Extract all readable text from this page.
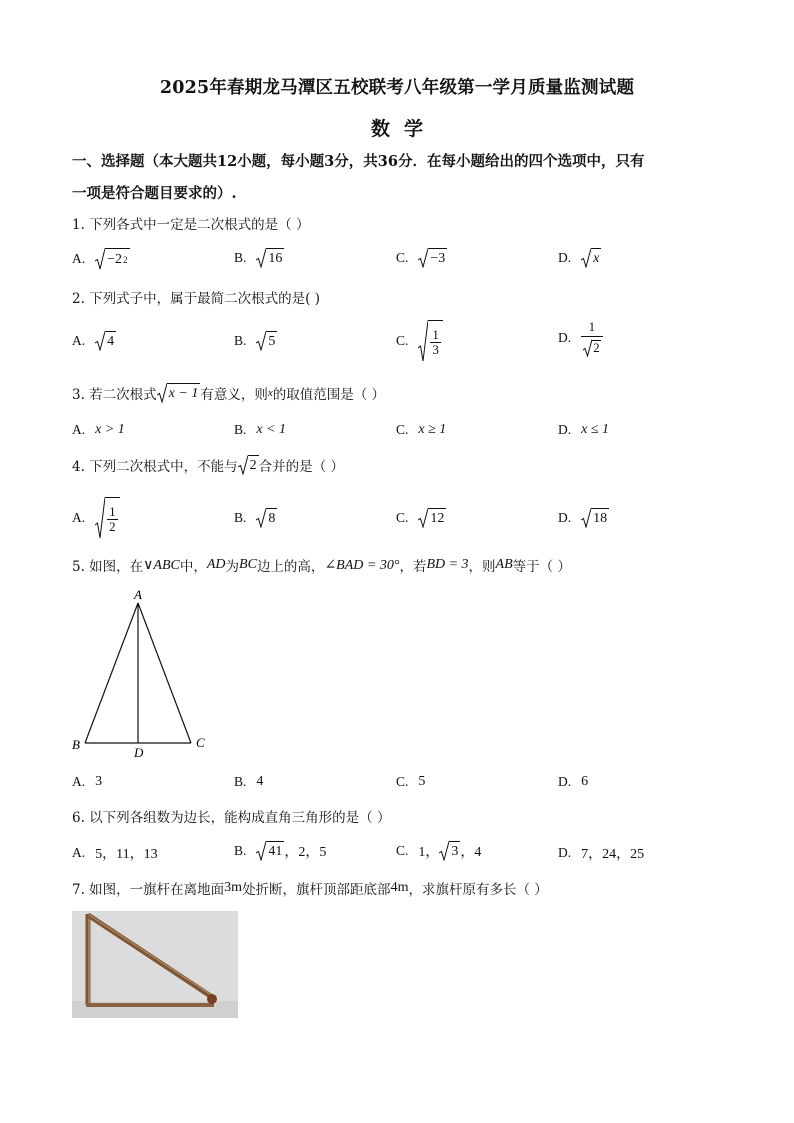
2025年春期龙马潭区五校联考八年级第一学月质量监测试题
数学
一、选择题（本大题共12小题，每小题3分，共36分．在每小题给出的四个选项中，只有
一项是符合题目要求的）.
1. 下列各式中一定是二次根式的是（ ）
A. −2 2	B. 16	C. −3	D. x
2. 下列式子中，属于最简二次根式的是( )
A. 4	B. 5	C. $\frac{1}{3}$	D. $\frac{1}{2}$
3. 若二次根式 x − 1 有意义，则 x 的取值范围是（ ）
A. x > 1	B. x < 1	C. x ≥ 1	D. x ≤ 1
4. 下列二次根式中，不能与 2 合并的是（ ）
A. $\frac{1}{2}$	B. 8	C. 12	D. 18
5. 如图，在 ∨ABC 中， AD 为 BC 边上的高， ∠BAD = 30° ，若 BD = 3 ，则 AB 等于（ ）
A
B	C
D
A. 3	B. 4	C. 5	D. 6
6. 以下列各组数为边长，能构成直角三角形的是（ ）
A. 5，11，13	B. 41 ，2，5	C. 1， 3 ，4	D. 7，24，25
7. 如图，一旗杆在离地面 3m 处折断，旗杆顶部距底部 4m ，求旗杆原有多长（ ）
